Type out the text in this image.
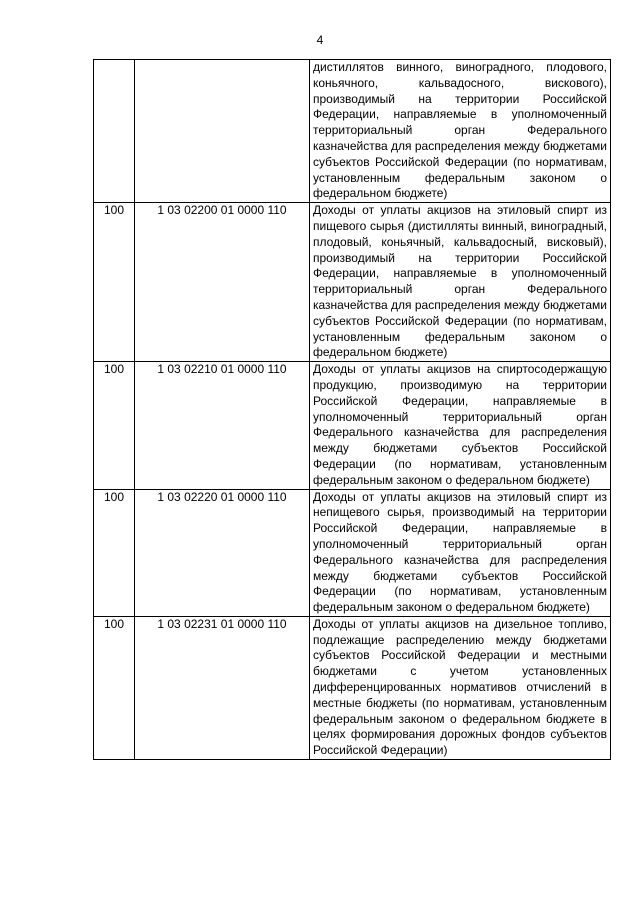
4

		дистиллятов винного, виноградного, плодового, коньячного, кальвадосного, вискового), производимый на территории Российской Федерации, направляемые в уполномоченный территориальный орган Федерального казначейства для распределения между бюджетами субъектов Российской Федерации (по нормативам, установленным федеральным законом о федеральном бюджете)

100	1 03 02200 01 0000 110	Доходы от уплаты акцизов на этиловый спирт из пищевого сырья (дистилляты винный, виноградный, плодовый, коньячный, кальвадосный, висковый), производимый на территории Российской Федерации, направляемые в уполномоченный территориальный орган Федерального казначейства для распределения между бюджетами субъектов Российской Федерации (по нормативам, установленным федеральным законом о федеральном бюджете)

100	1 03 02210 01 0000 110	Доходы от уплаты акцизов на спиртосодержащую продукцию, производимую на территории Российской Федерации, направляемые в уполномоченный территориальный орган Федерального казначейства для распределения между бюджетами субъектов Российской Федерации (по нормативам, установленным федеральным законом о федеральном бюджете)

100	1 03 02220 01 0000 110	Доходы от уплаты акцизов на этиловый спирт из непищевого сырья, производимый на территории Российской Федерации, направляемые в уполномоченный территориальный орган Федерального казначейства для распределения между бюджетами субъектов Российской Федерации (по нормативам, установленным федеральным законом о федеральном бюджете)

100	1 03 02231 01 0000 110	Доходы от уплаты акцизов на дизельное топливо, подлежащие распределению между бюджетами субъектов Российской Федерации и местными бюджетами с учетом установленных дифференцированных нормативов отчислений в местные бюджеты (по нормативам, установленным федеральным законом о федеральном бюджете в целях формирования дорожных фондов субъектов Российской Федерации)
